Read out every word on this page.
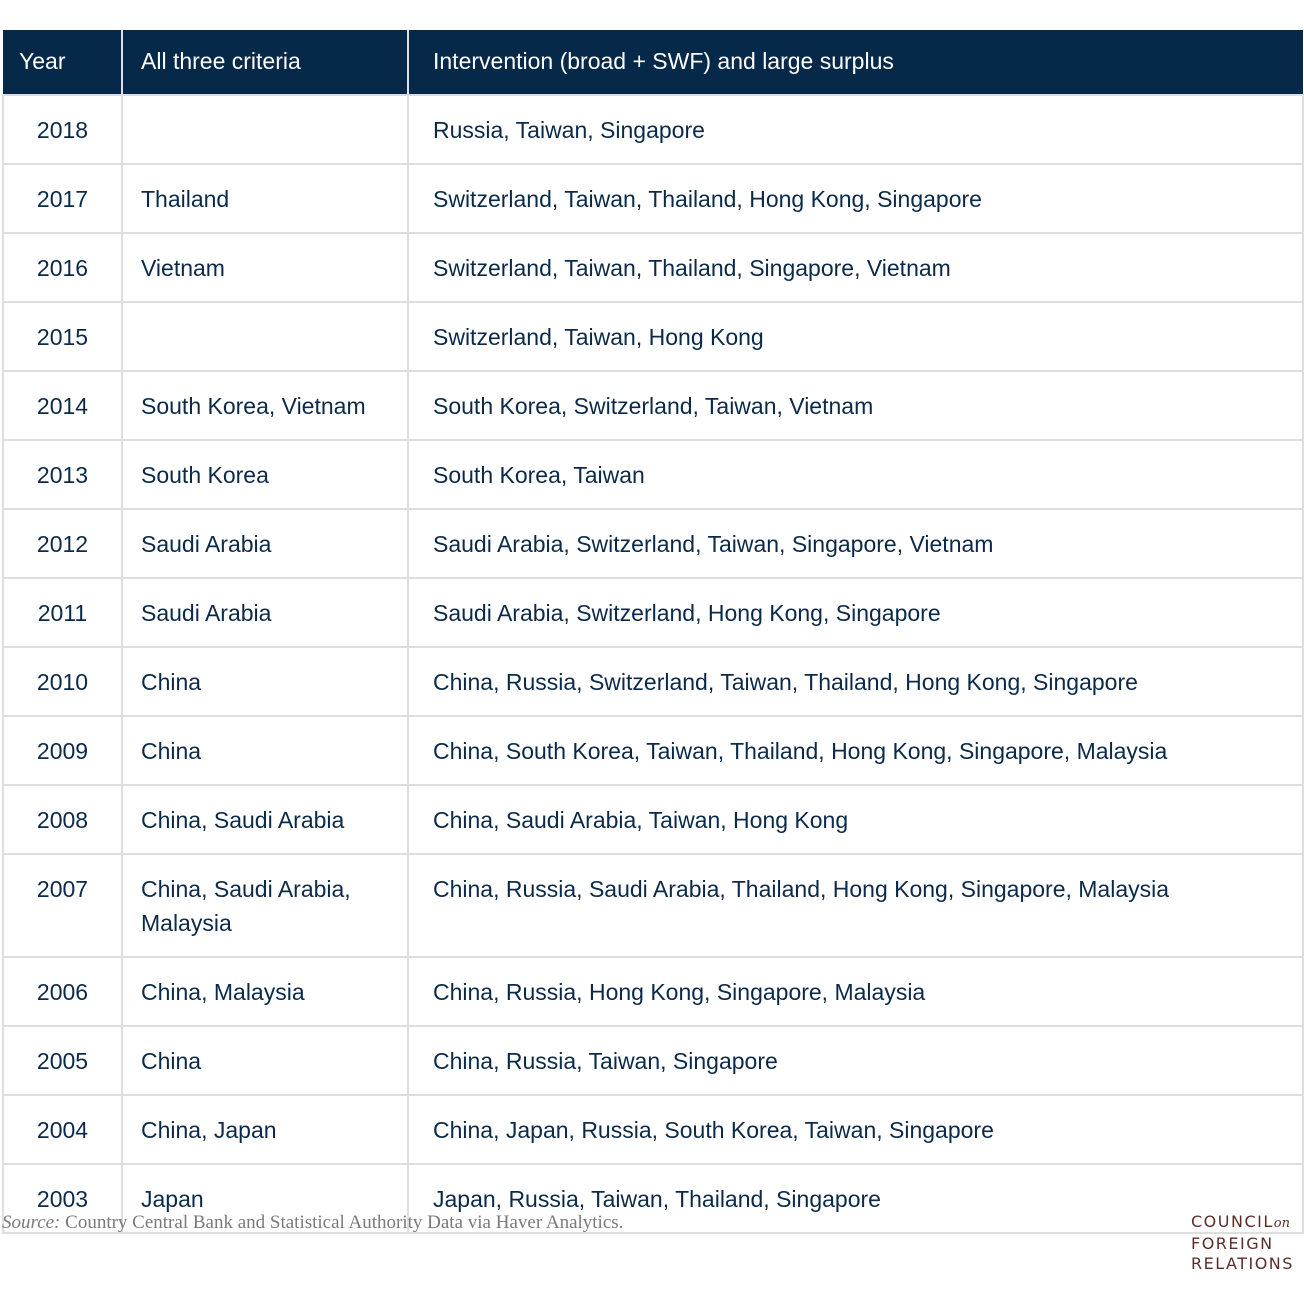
Year	All three criteria	Intervention (broad + SWF) and large surplus
2018		Russia, Taiwan, Singapore
2017	Thailand	Switzerland, Taiwan, Thailand, Hong Kong, Singapore
2016	Vietnam	Switzerland, Taiwan, Thailand, Singapore, Vietnam
2015		Switzerland, Taiwan, Hong Kong
2014	South Korea, Vietnam	South Korea, Switzerland, Taiwan, Vietnam
2013	South Korea	South Korea, Taiwan
2012	Saudi Arabia	Saudi Arabia, Switzerland, Taiwan, Singapore, Vietnam
2011	Saudi Arabia	Saudi Arabia, Switzerland, Hong Kong, Singapore
2010	China	China, Russia, Switzerland, Taiwan, Thailand, Hong Kong, Singapore
2009	China	China, South Korea, Taiwan, Thailand, Hong Kong, Singapore, Malaysia
2008	China, Saudi Arabia	China, Saudi Arabia, Taiwan, Hong Kong
2007	China, Saudi Arabia, Malaysia	China, Russia, Saudi Arabia, Thailand, Hong Kong, Singapore, Malaysia
2006	China, Malaysia	China, Russia, Hong Kong, Singapore, Malaysia
2005	China	China, Russia, Taiwan, Singapore
2004	China, Japan	China, Japan, Russia, South Korea, Taiwan, Singapore
2003	Japan	Japan, Russia, Taiwan, Thailand, Singapore
Source: Country Central Bank and Statistical Authority Data via Haver Analytics.	COUNCILon
FOREIGN
RELATIONS
